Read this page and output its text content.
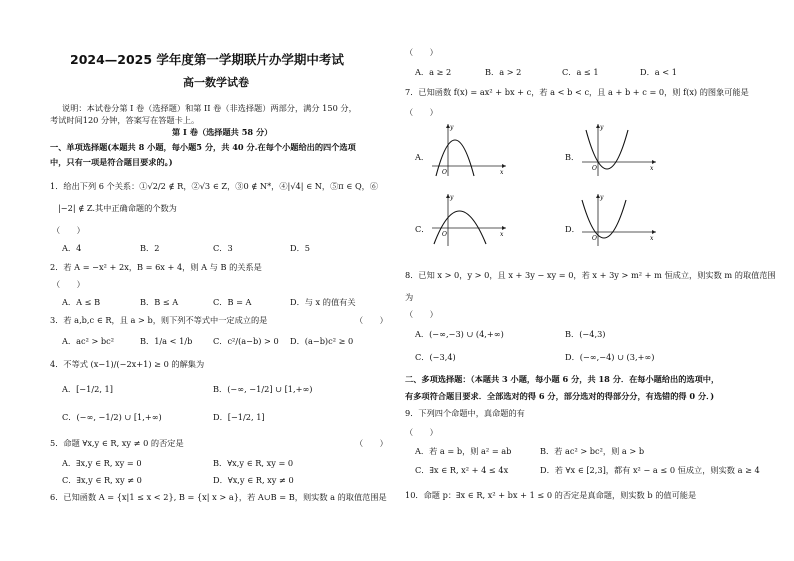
2024—2025 学年度第一学期联片办学期中考试
高一数学试卷
说明：本试卷分第 I 卷（选择题）和第 II 卷（非选择题）两部分，满分 150 分，
考试时间120 分钟，答案写在答题卡上。
第 I 卷（选择题共 58 分）
一、单项选择题(本题共 8 小题，每小题5 分，共 40 分.在每个小题给出的四个选项
中，只有一项是符合题目要求的。)
1．给出下列 6 个关系：①√2/2 ∉ R，②√3 ∈ Z，③0 ∉ N*，④|√4| ∈ N，⑤π ∈ Q，⑥
|−2| ∉ Z.其中正确命题的个数为
（　　）
A．4	B．2	C．3	D．5
2．若 A = −x² + 2x，B = 6x + 4，则 A 与 B 的关系是
（　　）
A．A ≤ B	B．B ≤ A	C．B = A	D．与 x 的值有关
3．若 a,b,c ∈ R，且 a > b，则下列不等式中一定成立的是	（　　）
A．ac² > bc²	B．1/a < 1/b	C．c²/(a−b) > 0 D．(a−b)c² ≥ 0
4．不等式 (x−1)/(−2x+1) ≥ 0 的解集为
A．[−1/2, 1]	B．(−∞, −1/2] ∪ [1,+∞)
C．(−∞, −1/2) ∪ [1,+∞)	D．[−1/2, 1]
5．命题 ∀x,y ∈ R, xy ≠ 0 的否定是	（　　）
A．∃x,y ∈ R, xy = 0	B．∀x,y ∈ R, xy = 0
C．∃x,y ∈ R, xy ≠ 0	D．∀x,y ∈ R, xy ≠ 0
6．已知函数 A = {x|1 ≤ x < 2}, B = {x| x > a}，若 A∪B = B，则实数 a 的取值范围是
（　　）
A．a ≥ 2	B．a > 2	C．a ≤ 1	D．a < 1
7．已知函数 f(x) = ax² + bx + c，若 a < b < c，且 a + b + c = 0，则 f(x) 的图象可能是
（　　）
A．
y
x
O
B．
y
x
O
C．
y
x
O
D．
y
x
O
8．已知 x > 0，y > 0，且 x + 3y − xy = 0，若 x + 3y > m² + m 恒成立，则实数 m 的取值范围
为
（　　）
A．(−∞,−3) ∪ (4,+∞)	B．(−4,3)
C．(−3,4)	D．(−∞,−4) ∪ (3,+∞)
二、多项选择题：（本题共 3 小题，每小题 6 分，共 18 分．在每小题给出的选项中，
有多项符合题目要求．全部选对的得 6 分，部分选对的得部分分，有选错的得 0 分．)
9．下列四个命题中，真命题的有
（　　）
A．若 a = b，则 a² = ab	B．若 ac² > bc²，则 a > b
C．∃x ∈ R, x² + 4 ≤ 4x	D．若 ∀x ∈ [2,3]，都有 x² − a ≤ 0 恒成立，则实数 a ≥ 4
10．命题 p：∃x ∈ R, x² + bx + 1 ≤ 0 的否定是真命题，则实数 b 的值可能是
